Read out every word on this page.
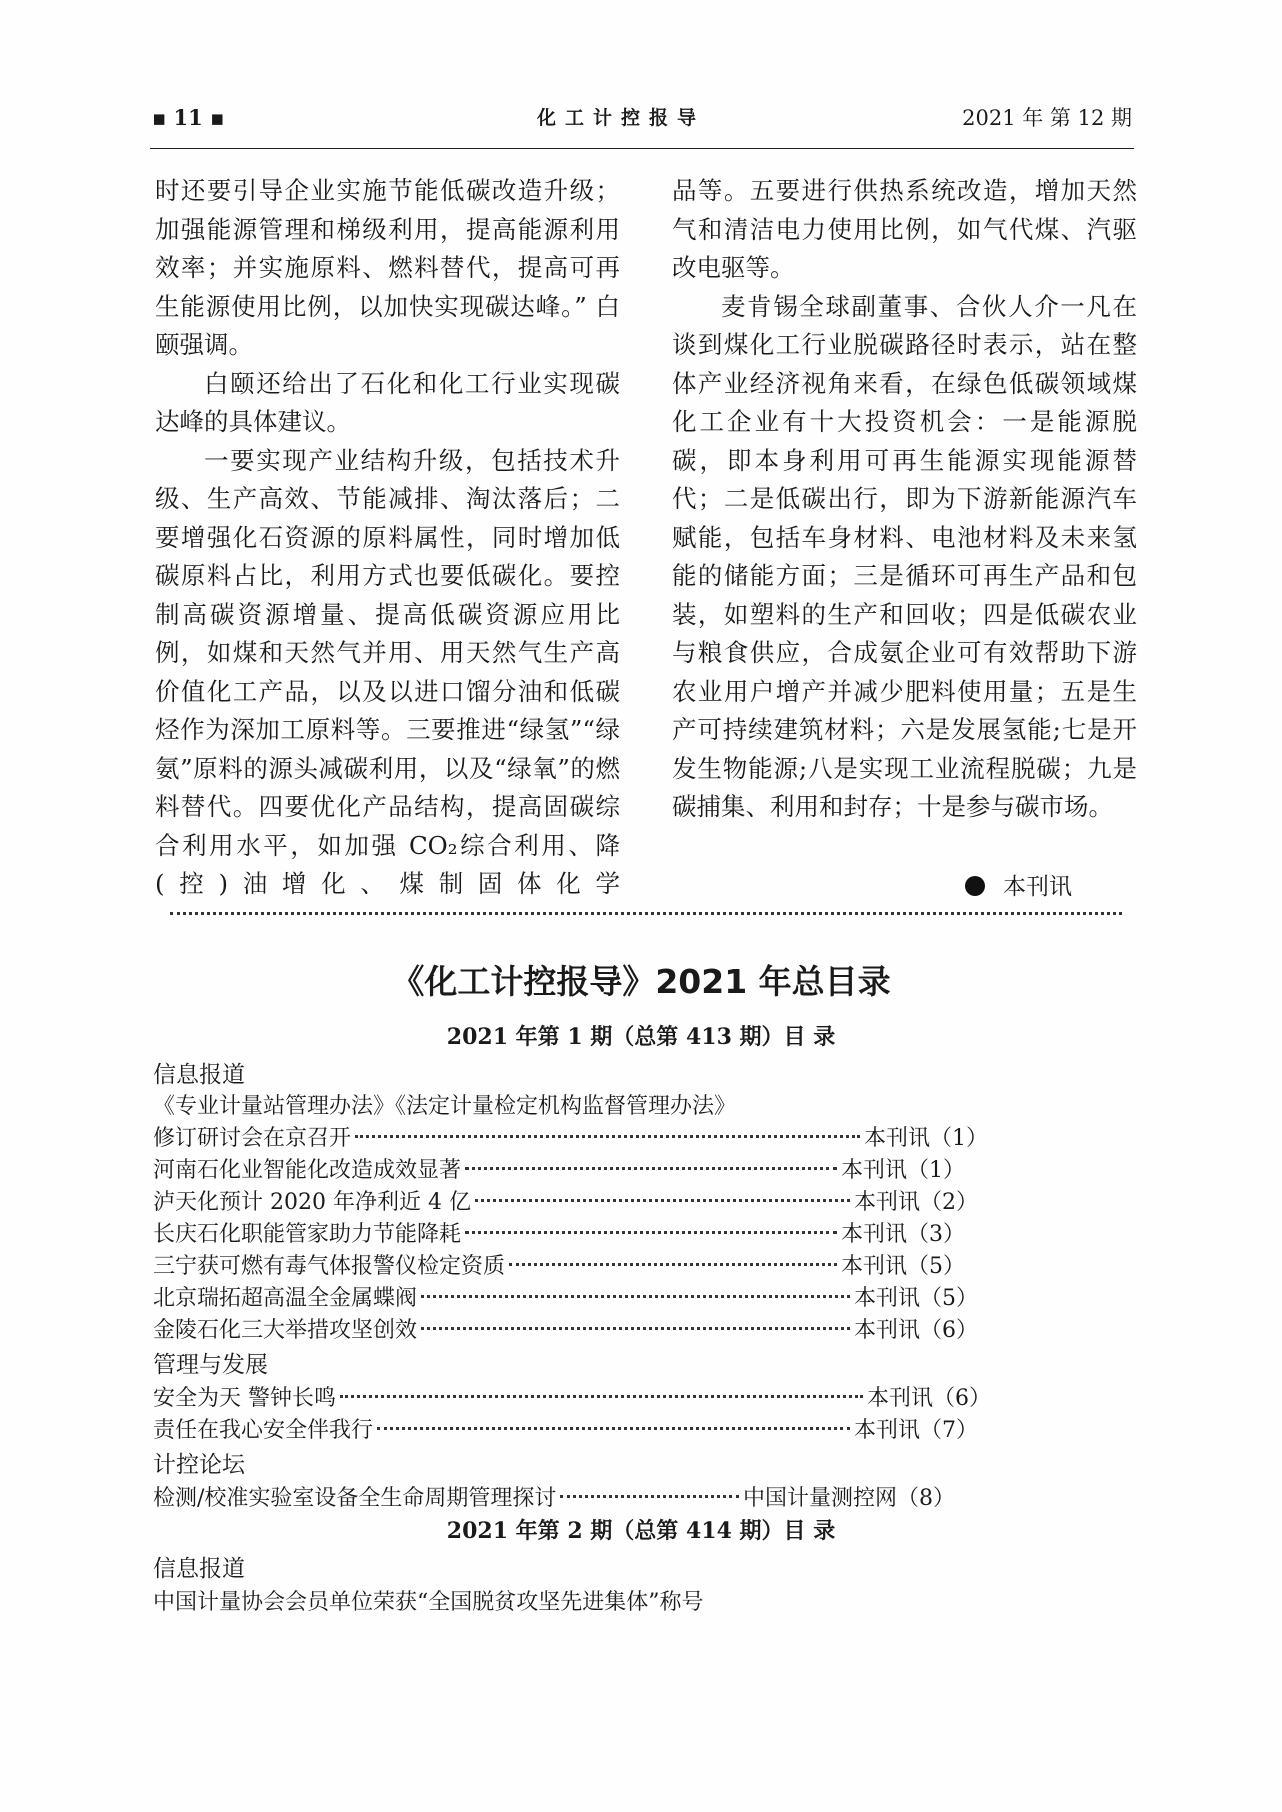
▪ 11 ▪	化工计控报导	2021 年 第 12 期

时还要引导企业实施节能低碳改造升级；加强能源管理和梯级利用，提高能源利用效率；并实施原料、燃料替代，提高可再生能源使用比例，以加快实现碳达峰。” 白颐强调。

白颐还给出了石化和化工行业实现碳达峰的具体建议。

一要实现产业结构升级，包括技术升级、生产高效、节能减排、淘汰落后；二要增强化石资源的原料属性，同时增加低碳原料占比，利用方式也要低碳化。要控制高碳资源增量、提高低碳资源应用比例，如煤和天然气并用、用天然气生产高价值化工产品，以及以进口馏分油和低碳烃作为深加工原料等。三要推进“绿氢”“绿氨”原料的源头减碳利用，以及“绿氧”的燃料替代。四要优化产品结构，提高固碳综合利用水平，如加强 CO₂综合利用、降(控)油增化、煤制固体化学

品等。五要进行供热系统改造，增加天然气和清洁电力使用比例，如气代煤、汽驱改电驱等。

麦肯锡全球副董事、合伙人介一凡在谈到煤化工行业脱碳路径时表示，站在整体产业经济视角来看，在绿色低碳领域煤化工企业有十大投资机会：一是能源脱碳，即本身利用可再生能源实现能源替代；二是低碳出行，即为下游新能源汽车赋能，包括车身材料、电池材料及未来氢能的储能方面；三是循环可再生产品和包装，如塑料的生产和回收；四是低碳农业与粮食供应，合成氨企业可有效帮助下游农业用户增产并减少肥料使用量；五是生产可持续建筑材料；六是发展氢能;七是开发生物能源;八是实现工业流程脱碳；九是碳捕集、利用和封存；十是参与碳市场。

本刊讯
《化工计控报导》2021 年总目录
2021 年第 1 期（总第 413 期）目 录
信息报道
《专业计量站管理办法》《法定计量检定机构监督管理办法》
修订研讨会在京召开	本刊讯（1）
河南石化业智能化改造成效显著	本刊讯（1）
泸天化预计 2020 年净利近 4 亿	本刊讯（2）
长庆石化职能管家助力节能降耗	本刊讯（3）
三宁获可燃有毒气体报警仪检定资质	本刊讯（5）
北京瑞拓超高温全金属蝶阀	本刊讯（5）
金陵石化三大举措攻坚创效	本刊讯（6）
管理与发展
安全为天 警钟长鸣	本刊讯（6）
责任在我心安全伴我行	本刊讯（7）
计控论坛
检测/校准实验室设备全生命周期管理探讨	中国计量测控网（8）
2021 年第 2 期（总第 414 期）目 录
信息报道
中国计量协会会员单位荣获“全国脱贫攻坚先进集体”称号
